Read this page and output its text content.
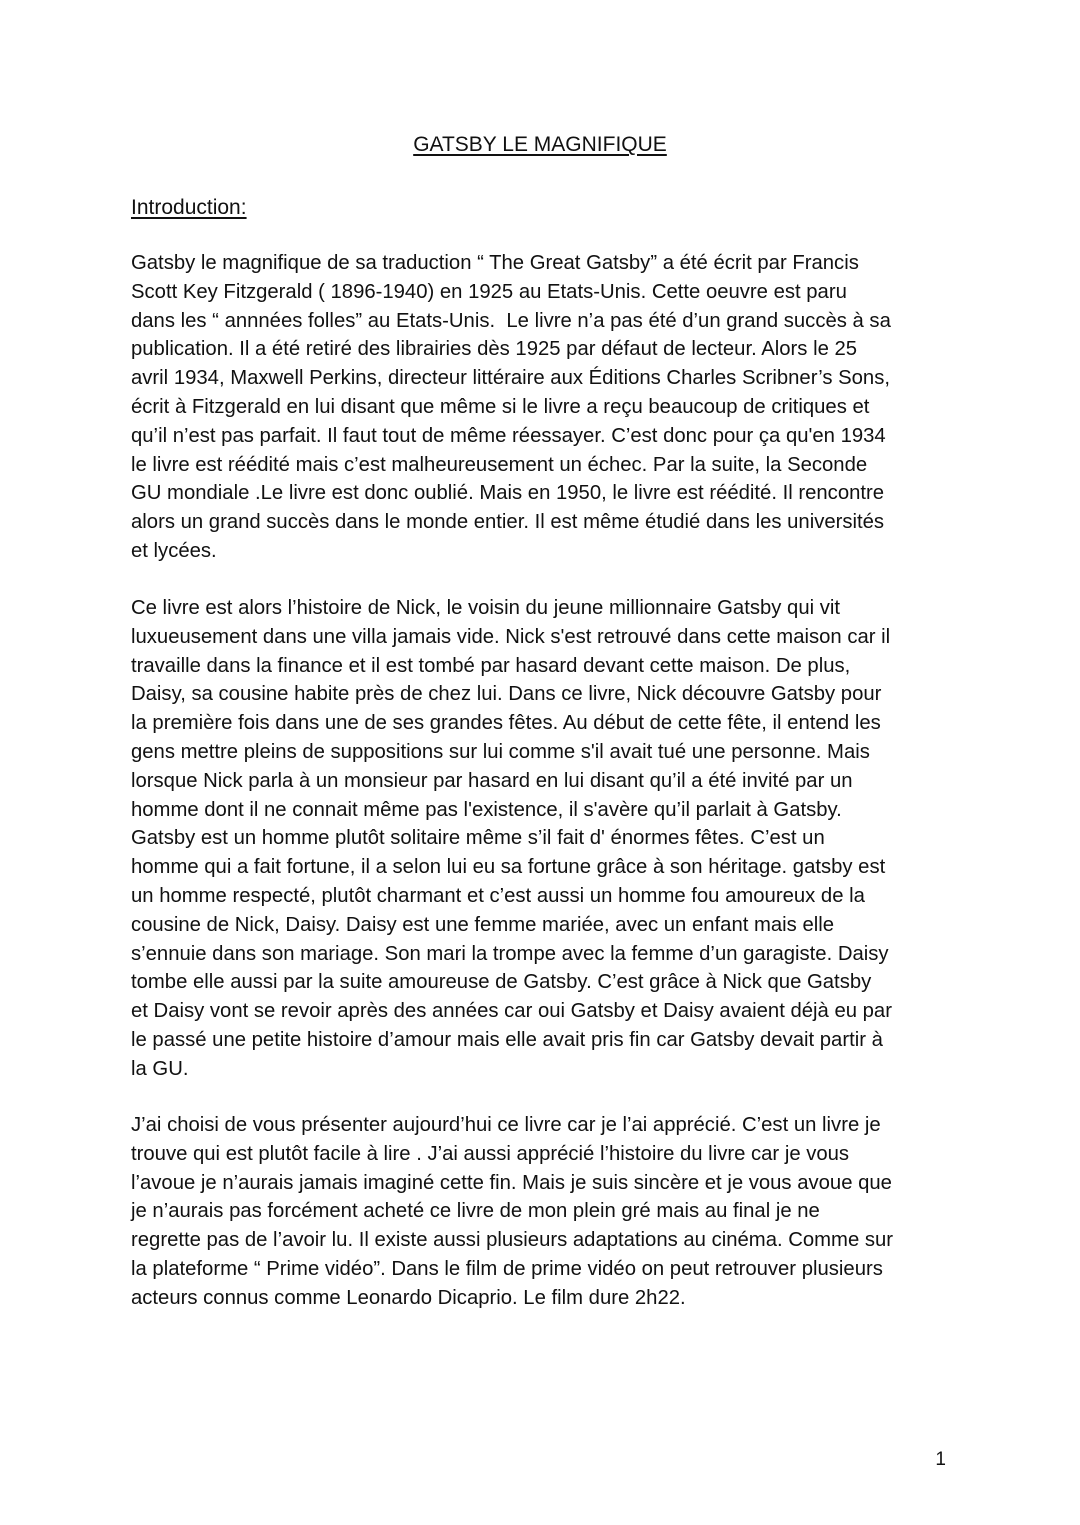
GATSBY LE MAGNIFIQUE
Introduction:

Gatsby le magnifique de sa traduction “ The Great Gatsby” a été écrit par Francis
Scott Key Fitzgerald ( 1896-1940) en 1925 au Etats-Unis. Cette oeuvre est paru
dans les “ annnées folles” au Etats-Unis.  Le livre n’a pas été d’un grand succès à sa
publication. Il a été retiré des librairies dès 1925 par défaut de lecteur. Alors le 25
avril 1934, Maxwell Perkins, directeur littéraire aux Éditions Charles Scribner’s Sons,
écrit à Fitzgerald en lui disant que même si le livre a reçu beaucoup de critiques et
qu’il n’est pas parfait. Il faut tout de même réessayer. C’est donc pour ça qu'en 1934
le livre est réédité mais c’est malheureusement un échec. Par la suite, la Seconde
GU mondiale .Le livre est donc oublié. Mais en 1950, le livre est réédité. Il rencontre
alors un grand succès dans le monde entier. Il est même étudié dans les universités
et lycées.

Ce livre est alors l’histoire de Nick, le voisin du jeune millionnaire Gatsby qui vit
luxueusement dans une villa jamais vide. Nick s'est retrouvé dans cette maison car il
travaille dans la finance et il est tombé par hasard devant cette maison. De plus,
Daisy, sa cousine habite près de chez lui. Dans ce livre, Nick découvre Gatsby pour
la première fois dans une de ses grandes fêtes. Au début de cette fête, il entend les
gens mettre pleins de suppositions sur lui comme s'il avait tué une personne. Mais
lorsque Nick parla à un monsieur par hasard en lui disant qu’il a été invité par un
homme dont il ne connait même pas l'existence, il s'avère qu’il parlait à Gatsby.
Gatsby est un homme plutôt solitaire même s’il fait d' énormes fêtes. C’est un
homme qui a fait fortune, il a selon lui eu sa fortune grâce à son héritage. gatsby est
un homme respecté, plutôt charmant et c’est aussi un homme fou amoureux de la
cousine de Nick, Daisy. Daisy est une femme mariée, avec un enfant mais elle
s’ennuie dans son mariage. Son mari la trompe avec la femme d’un garagiste. Daisy
tombe elle aussi par la suite amoureuse de Gatsby. C’est grâce à Nick que Gatsby
et Daisy vont se revoir après des années car oui Gatsby et Daisy avaient déjà eu par
le passé une petite histoire d’amour mais elle avait pris fin car Gatsby devait partir à
la GU.

J’ai choisi de vous présenter aujourd’hui ce livre car je l’ai apprécié. C’est un livre je
trouve qui est plutôt facile à lire . J’ai aussi apprécié l’histoire du livre car je vous
l’avoue je n’aurais jamais imaginé cette fin. Mais je suis sincère et je vous avoue que
je n’aurais pas forcément acheté ce livre de mon plein gré mais au final je ne
regrette pas de l’avoir lu. Il existe aussi plusieurs adaptations au cinéma. Comme sur
la plateforme “ Prime vidéo”. Dans le film de prime vidéo on peut retrouver plusieurs
acteurs connus comme Leonardo Dicaprio. Le film dure 2h22.

1
